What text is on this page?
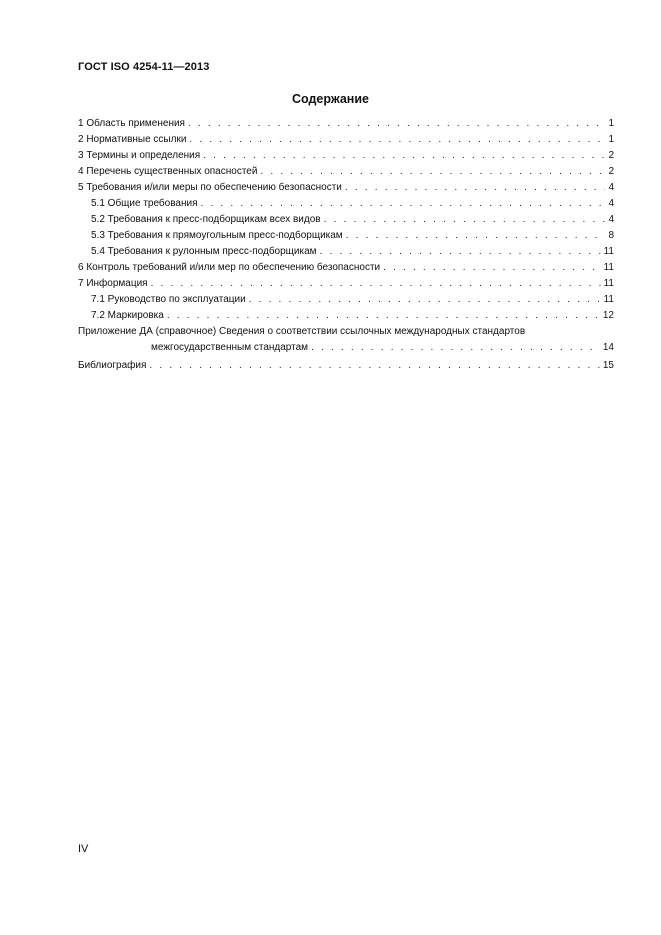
ГОСТ ISO 4254-11—2013
Содержание
1 Область применения . . .	1
2 Нормативные ссылки . . .	1
3 Термины и определения . . .	2
4 Перечень существенных опасностей . . .	2
5 Требования и/или меры по обеспечению безопасности . . .	4
5.1 Общие требования . . .	4
5.2 Требования к пресс-подборщикам всех видов . . .	4
5.3 Требования к прямоугольным пресс-подборщикам . . .	8
5.4 Требования к рулонным пресс-подборщикам . . .	11
6 Контроль требований и/или мер по обеспечению безопасности . . .	11
7 Информация . . .	11
7.1 Руководство по эксплуатации . . .	11
7.2 Маркировка . . .	12
Приложение ДА (справочное) Сведения о соответствии ссылочных международных стандартов
межгосударственным стандартам . . .	14
Библиография . . .	15
IV
